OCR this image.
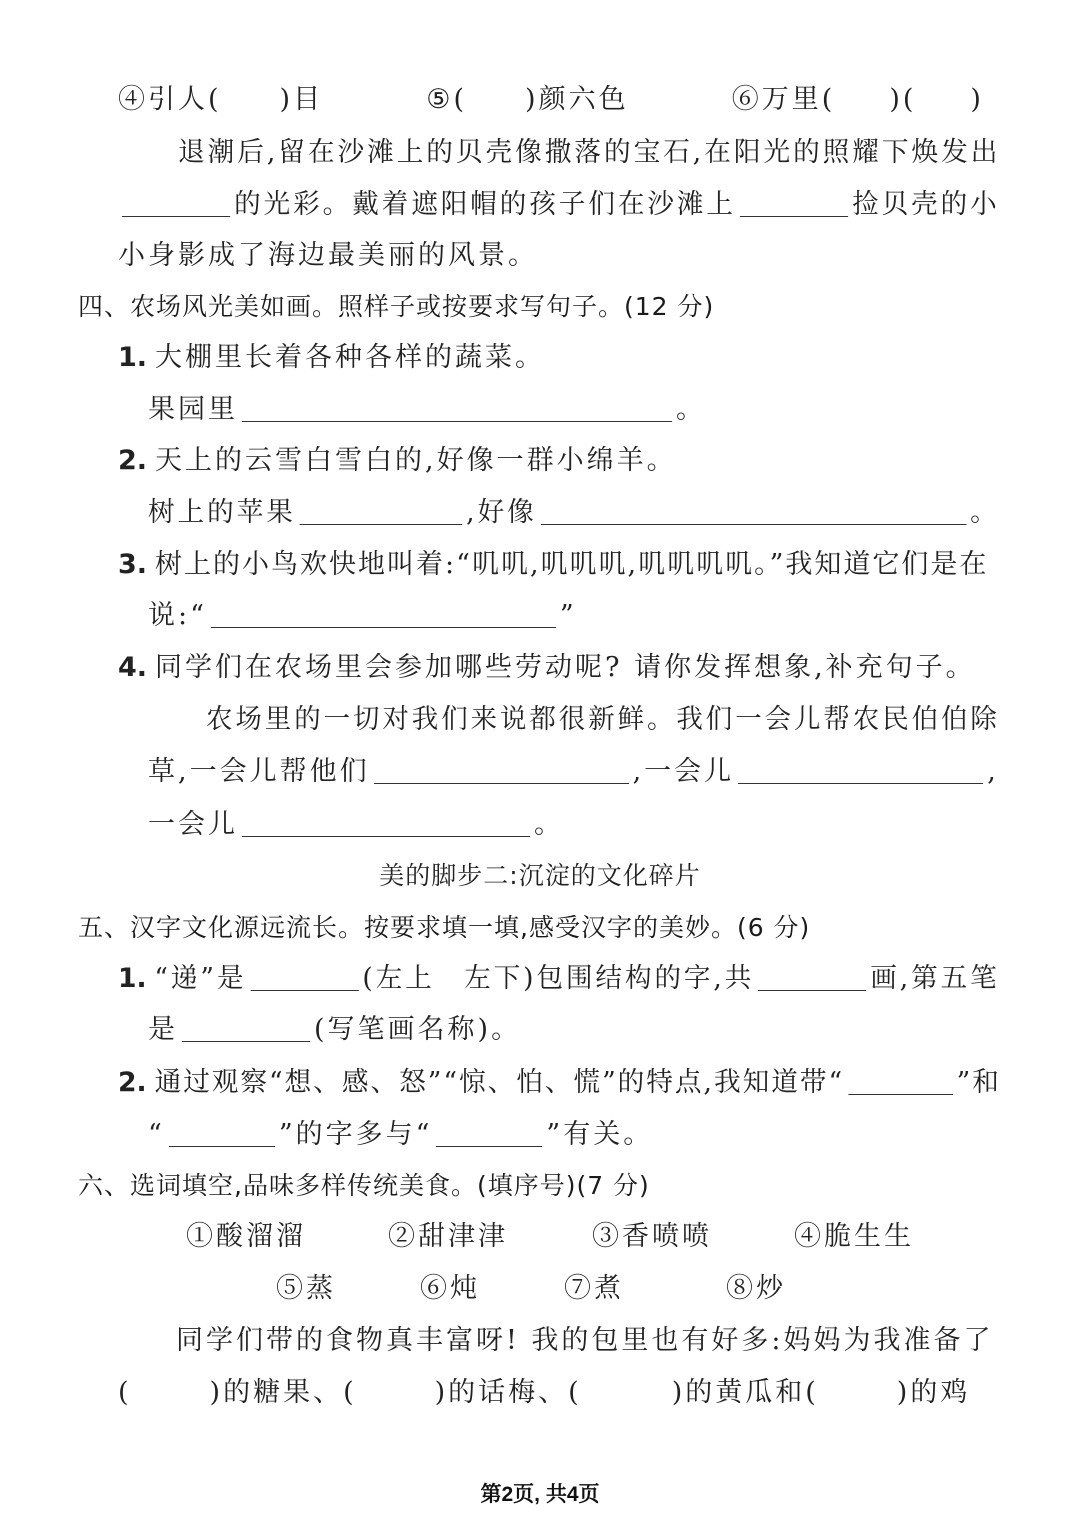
④引人( )目	⑤( )颜六色	⑥万里( )( )
退潮后,留在沙滩上的贝壳像撒落的宝石,在阳光的照耀下焕发出
的光彩。戴着遮阳帽的孩子们在沙滩上	捡贝壳的小
小身影成了海边最美丽的风景。
四、农场风光美如画。照样子或按要求写句子。(12 分)
1. 大棚里长着各种各样的蔬菜。
果园里	。
2. 天上的云雪白雪白的,好像一群小绵羊。
树上的苹果	,好像	。
3. 树上的小鸟欢快地叫着:“叽叽,叽叽叽,叽叽叽叽。”我知道它们是在
说:“	”
4. 同学们在农场里会参加哪些劳动呢? 请你发挥想象,补充句子。
农场里的一切对我们来说都很新鲜。我们一会儿帮农民伯伯除
草,一会儿帮他们	,一会儿	,
一会儿	。
美的脚步二:沉淀的文化碎片
五、汉字文化源远流长。按要求填一填,感受汉字的美妙。(6 分)
1. “递”是	(左上　左下)包围结构的字,共	画,第五笔
是	(写笔画名称)。
2. 通过观察“想、感、怒”“惊、怕、慌”的特点,我知道带“	”和
“	”的字多与“	”有关。
六、选词填空,品味多样传统美食。(填序号)(7 分)
①酸溜溜	②甜津津	③香喷喷	④脆生生
⑤蒸	⑥炖	⑦煮	⑧炒
同学们带的食物真丰富呀! 我的包里也有好多:妈妈为我准备了
(	)的糖果、(	)的话梅、(	)的黄瓜和(	)的鸡
第2页, 共4页
